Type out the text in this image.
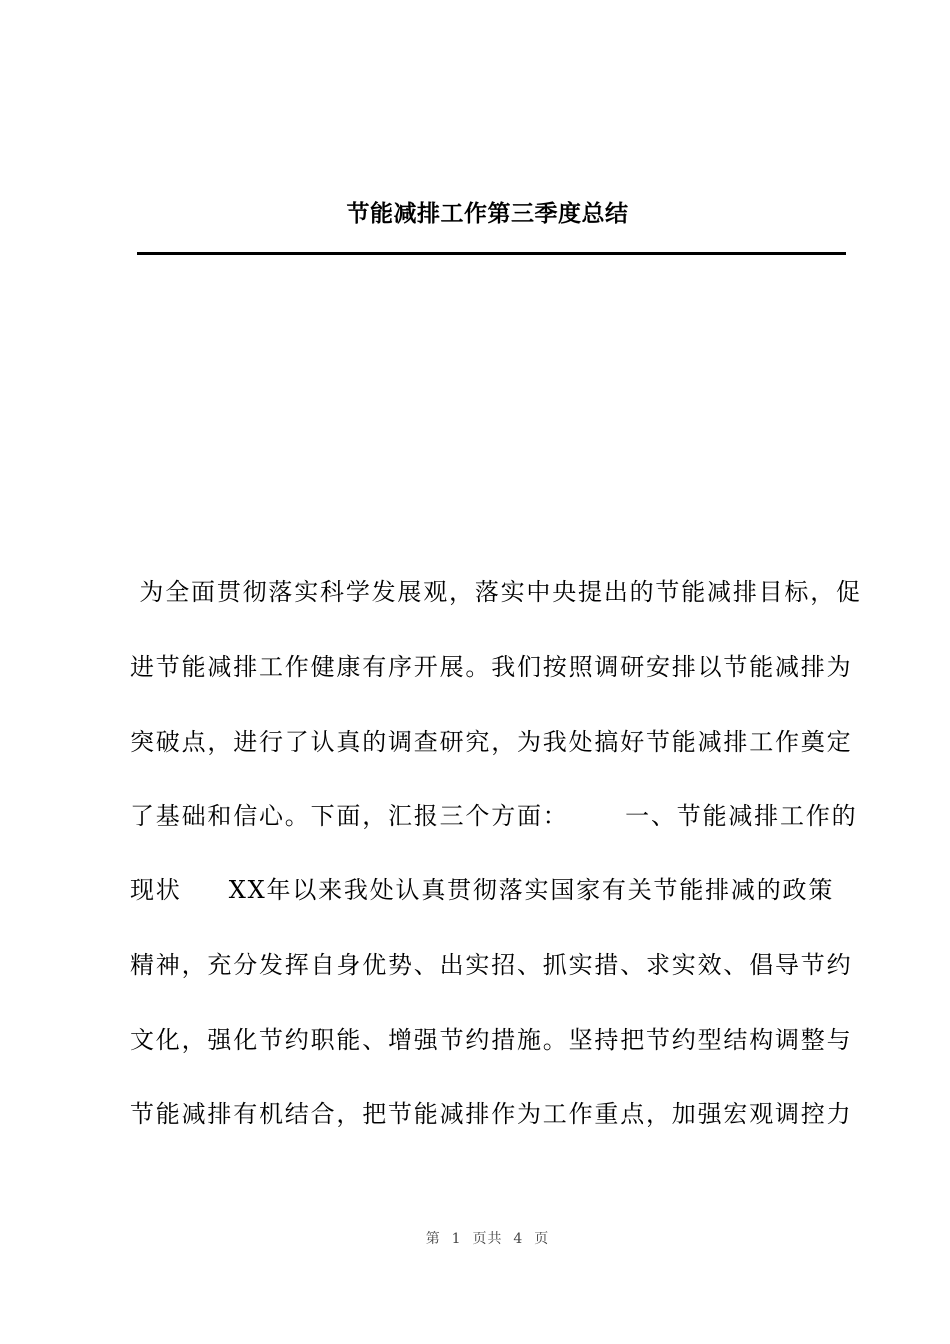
节能减排工作第三季度总结
为全面贯彻落实科学发展观，落实中央提出的节能减排目标，促
进节能减排工作健康有序开展。我们按照调研安排以节能减排为
突破点，进行了认真的调查研究，为我处搞好节能减排工作奠定
了基础和信心。下面，汇报三个方面：      一、节能减排工作的
现状     XX年以来我处认真贯彻落实国家有关节能排减的政策
精神，充分发挥自身优势、出实招、抓实措、求实效、倡导节约
文化，强化节约职能、增强节约措施。坚持把节约型结构调整与
节能减排有机结合，把节能减排作为工作重点，加强宏观调控力
第  1  页共  4  页
